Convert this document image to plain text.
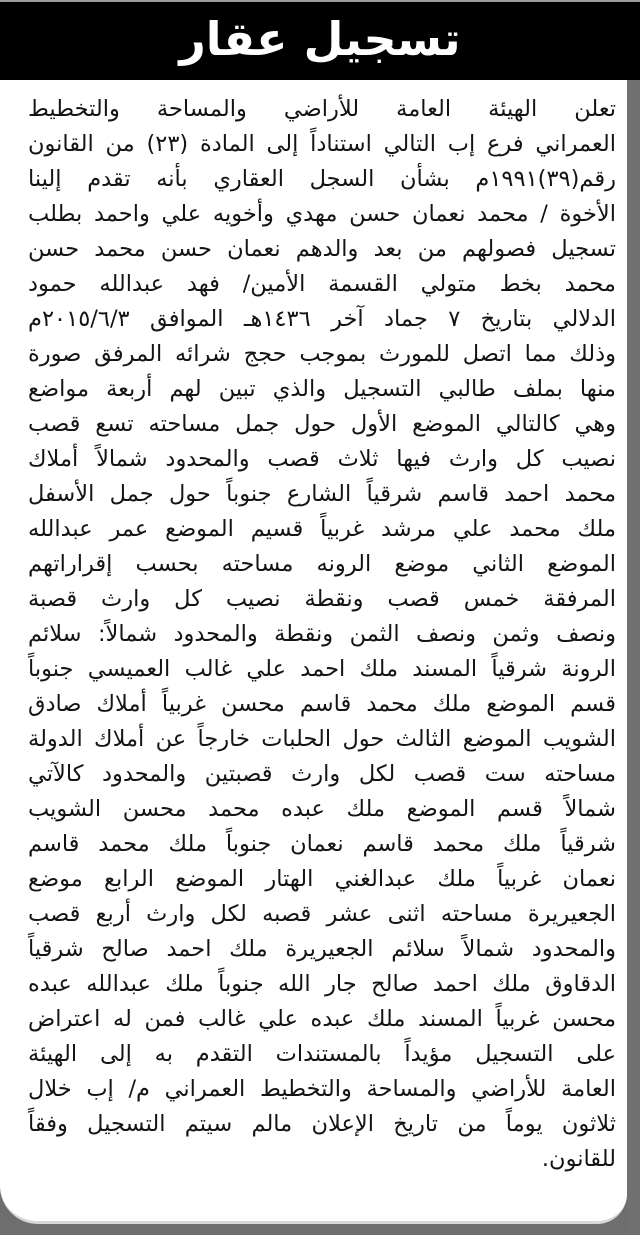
تسجيل عقار
تعلن الهيئة العامة للأراضي والمساحة والتخطيط
العمراني فرع إب التالي استناداً إلى المادة (٢٣) من القانون
رقم(٣٩)١٩٩١م بشأن السجل العقاري بأنه تقدم إلينا
الأخوة / محمد نعمان حسن مهدي وأخويه علي واحمد بطلب
تسجيل فصولهم من بعد والدهم نعمان حسن محمد حسن
محمد بخط متولي القسمة الأمين/ فهد عبدالله حمود
الدلالي بتاريخ ٧ جماد آخر ١٤٣٦هـ الموافق ٢٠١٥/٦/٣م
وذلك مما اتصل للمورث بموجب حجج شرائه المرفق صورة
منها بملف طالبي التسجيل والذي تبين لهم أربعة مواضع
وهي كالتالي الموضع الأول حول جمل مساحته تسع قصب
نصيب كل وارث فيها ثلاث قصب والمحدود شمالاً أملاك
محمد احمد قاسم شرقياً الشارع جنوباً حول جمل الأسفل
ملك محمد علي مرشد غربياً قسيم الموضع عمر عبدالله
الموضع الثاني موضع الرونه مساحته بحسب إقراراتهم
المرفقة خمس قصب ونقطة نصيب كل وارث قصبة
ونصف وثمن ونصف الثمن ونقطة والمحدود شمالاً: سلائم
الرونة شرقياً المسند ملك احمد علي غالب العميسي جنوباً
قسم الموضع ملك محمد قاسم محسن غربياً أملاك صادق
الشويب الموضع الثالث حول الحلبات خارجاً عن أملاك الدولة
مساحته ست قصب لكل وارث قصبتين والمحدود كالآتي
شمالاً قسم الموضع ملك عبده محمد محسن الشويب
شرقياً ملك محمد قاسم نعمان جنوباً ملك محمد قاسم
نعمان غربياً ملك عبدالغني الهتار الموضع الرابع موضع
الجعيريرة مساحته اثنى عشر قصبه لكل وارث أربع قصب
والمحدود شمالاً سلائم الجعيريرة ملك احمد صالح شرقياً
الدقاوق ملك احمد صالح جار الله جنوباً ملك عبدالله عبده
محسن غربياً المسند ملك عبده علي غالب فمن له اعتراض
على التسجيل مؤيداً بالمستندات التقدم به إلى الهيئة
العامة للأراضي والمساحة والتخطيط العمراني م/ إب خلال
ثلاثون يوماً من تاريخ الإعلان مالم سيتم التسجيل وفقاً
للقانون.
